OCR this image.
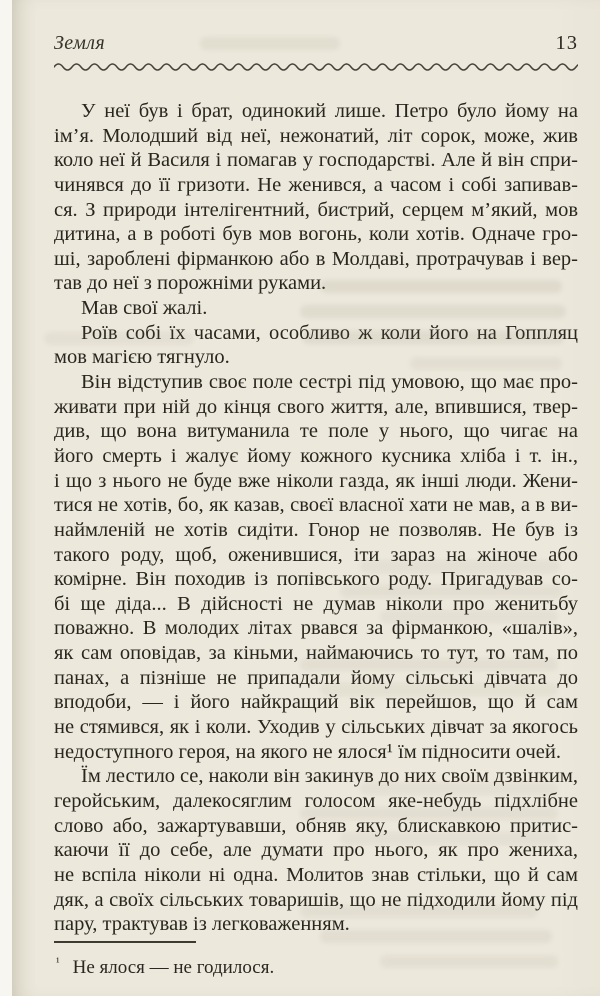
Земля	13
У неї був і брат, одинокий лише. Петро було йому на
ім’я. Молодший від неї, нежонатий, літ сорок, може, жив
коло неї й Василя і помагав у господарстві. Але й він спри-
чинявся до її гризоти. Не женився, а часом і собі запивав-
ся. З природи інтелігентний, бистрий, серцем м’який, мов
дитина, а в роботі був мов вогонь, коли хотів. Одначе гро-
ші, зароблені фірманкою або в Молдаві, протрачував і вер-
тав до неї з порожніми руками.
Мав свої жалі.
Роїв собі їх часами, особливо ж коли його на Гоппляц
мов магією тягнуло.
Він відступив своє поле сестрі під умовою, що має про-
живати при ній до кінця свого життя, але, впившися, твер-
див, що вона витуманила те поле у нього, що чигає на
його смерть і жалує йому кожного кусника хліба і т. ін.,
і що з нього не буде вже ніколи газда, як інші люди. Жени-
тися не хотів, бо, як казав, своєї власної хати не мав, а в ви-
наймленій не хотів сидіти. Гонор не позволяв. Не був із
такого роду, щоб, оженившися, іти зараз на жіноче або
комірне. Він походив із попівського роду. Пригадував со-
бі ще діда... В дійсності не думав ніколи про женитьбу
поважно. В молодих літах рвався за фірманкою, «шалів»,
як сам оповідав, за кіньми, наймаючись то тут, то там, по
панах, а пізніше не припадали йому сільські дівчата до
вподоби, — і його найкращий вік перейшов, що й сам
не стямився, як і коли. Уходив у сільських дівчат за якогось
недоступного героя, на якого не ялося¹ їм підносити очей.
Їм лестило се, наколи він закинув до них своїм дзвінким,
геройським, далекосяглим голосом яке-небудь підхлібне
слово або, зажартувавши, обняв яку, блискавкою притис-
каючи її до себе, але думати про нього, як про жениха,
не вспіла ніколи ні одна. Молитов знав стільки, що й сам
дяк, а своїх сільських товаришів, що не підходили йому під
пару, трактував із легковаженням.
$^{^1}$ Не ялося — не годилося.
